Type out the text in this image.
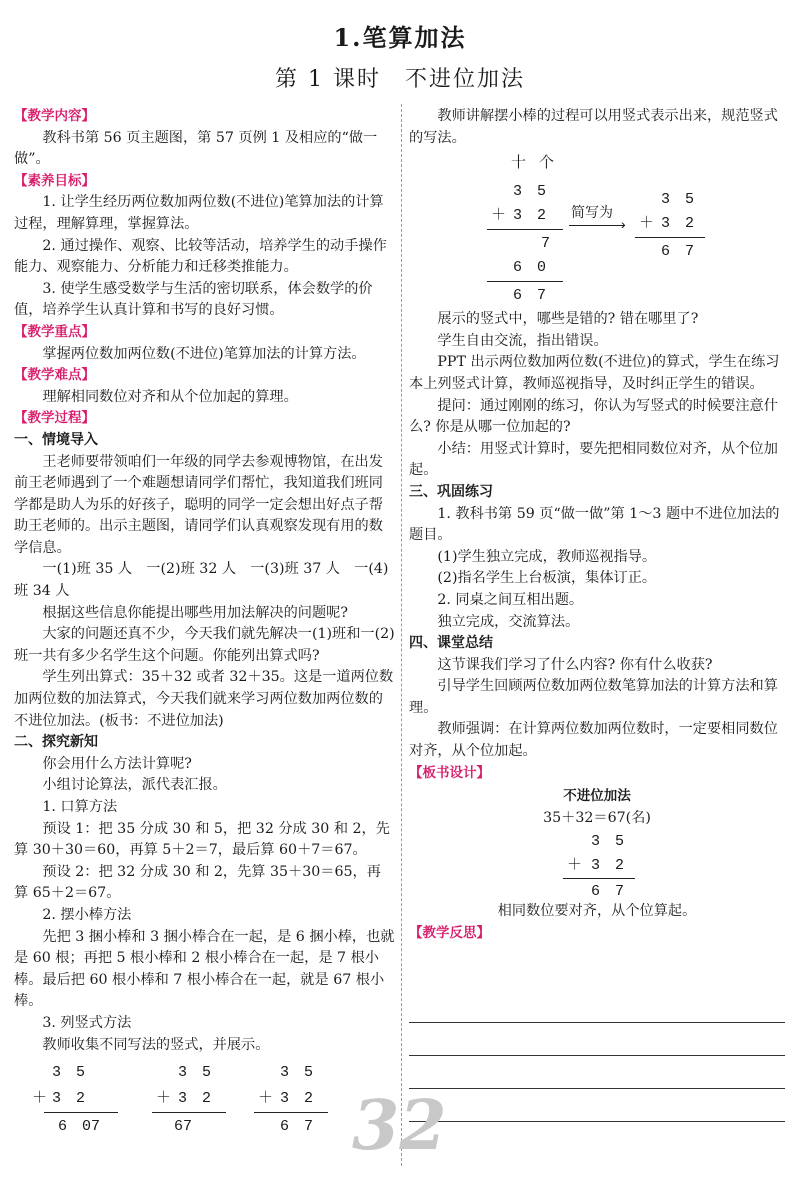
1.笔算加法
第 1 课时　不进位加法

【教学内容】

教科书第 56 页主题图，第 57 页例 1 及相应的“做一做”。

【素养目标】

1. 让学生经历两位数加两位数(不进位)笔算加法的计算过程，理解算理，掌握算法。

2. 通过操作、观察、比较等活动，培养学生的动手操作能力、观察能力、分析能力和迁移类推能力。

3. 使学生感受数学与生活的密切联系，体会数学的价值，培养学生认真计算和书写的良好习惯。

【教学重点】

掌握两位数加两位数(不进位)笔算加法的计算方法。

【教学难点】

理解相同数位对齐和从个位加起的算理。

【教学过程】

一、情境导入

王老师要带领咱们一年级的同学去参观博物馆，在出发前王老师遇到了一个难题想请同学们帮忙，我知道我们班同学都是助人为乐的好孩子，聪明的同学一定会想出好点子帮助王老师的。出示主题图，请同学们认真观察发现有用的数学信息。

一(1)班 35 人　一(2)班 32 人　一(3)班 37 人　一(4)班 34 人

根据这些信息你能提出哪些用加法解决的问题呢?

大家的问题还真不少，今天我们就先解决一(1)班和一(2)班一共有多少名学生这个问题。你能列出算式吗?

学生列出算式：35＋32 或者 32＋35。这是一道两位数加两位数的加法算式，今天我们就来学习两位数加两位数的不进位加法。(板书：不进位加法)

二、探究新知

你会用什么方法计算呢?

小组讨论算法，派代表汇报。

1. 口算方法

预设 1：把 35 分成 30 和 5，把 32 分成 30 和 2，先算 30＋30＝60，再算 5＋2＝7，最后算 60＋7＝67。

预设 2：把 32 分成 30 和 2，先算 35＋30＝65，再算 65＋2＝67。

2. 摆小棒方法

先把 3 捆小棒和 3 捆小棒合在一起，是 6 捆小棒，也就是 60 根；再把 5 根小棒和 2 根小棒合在一起，是 7 根小棒。最后把 60 根小棒和 7 根小棒合在一起，就是 67 根小棒。

3. 列竖式方法

教师收集不同写法的竖式，并展示。

3　5
＋ 3　2
6　07
3　5
＋ 3　2
67
3　5
＋ 3　2
6　7

教师讲解摆小棒的过程可以用竖式表示出来，规范竖式的写法。

十 个
3　5
＋ 3　2
7
6　0
6　7
简写为
›
3　5
＋ 3　2
6　7

展示的竖式中，哪些是错的? 错在哪里了?

学生自由交流，指出错误。

PPT 出示两位数加两位数(不进位)的算式，学生在练习本上列竖式计算，教师巡视指导，及时纠正学生的错误。

提问：通过刚刚的练习，你认为写竖式的时候要注意什么? 你是从哪一位加起的?

小结：用竖式计算时，要先把相同数位对齐，从个位加起。

三、巩固练习

1. 教科书第 59 页“做一做”第 1～3 题中不进位加法的题目。

(1)学生独立完成，教师巡视指导。

(2)指名学生上台板演，集体订正。

2. 同桌之间互相出题。

独立完成，交流算法。

四、课堂总结

这节课我们学习了什么内容? 你有什么收获?

引导学生回顾两位数加两位数笔算加法的计算方法和算理。

教师强调：在计算两位数加两位数时，一定要相同数位对齐，从个位加起。

【板书设计】

不进位加法

35＋32＝67(名)

3　5
＋ 3　2
6　7

相同数位要对齐，从个位算起。

【教学反思】

32
